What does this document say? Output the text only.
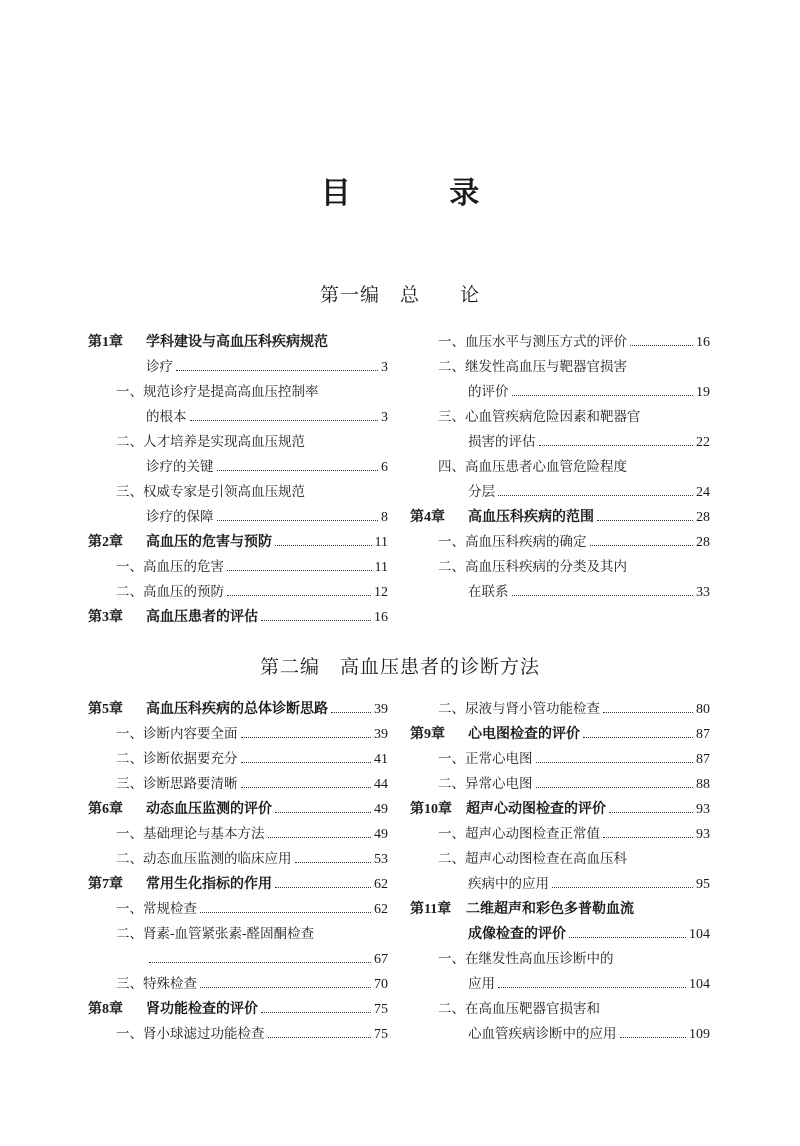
目 录
第一编　总　　论
第1章 学科建设与高血压科疾病规范
诊疗	3
一、规范诊疗是提高高血压控制率
的根本	3
二、人才培养是实现高血压规范
诊疗的关键	6
三、权威专家是引领高血压规范
诊疗的保障	8
第2章 高血压的危害与预防	11
一、高血压的危害	11
二、高血压的预防	12
第3章 高血压患者的评估	16
一、血压水平与测压方式的评价	16
二、继发性高血压与靶器官损害
的评价	19
三、心血管疾病危险因素和靶器官
损害的评估	22
四、高血压患者心血管危险程度
分层	24
第4章 高血压科疾病的范围	28
一、高血压科疾病的确定	28
二、高血压科疾病的分类及其内
在联系	33
第二编　高血压患者的诊断方法
第5章 高血压科疾病的总体诊断思路	39
一、诊断内容要全面	39
二、诊断依据要充分	41
三、诊断思路要清晰	44
第6章 动态血压监测的评价	49
一、基础理论与基本方法	49
二、动态血压监测的临床应用	53
第7章 常用生化指标的作用	62
一、常规检查	62
二、肾素-血管紧张素-醛固酮检查
67
三、特殊检查	70
第8章 肾功能检查的评价	75
一、肾小球滤过功能检查	75
二、尿液与肾小管功能检查	80
第9章 心电图检查的评价	87
一、正常心电图	87
二、异常心电图	88
第10章 超声心动图检查的评价	93
一、超声心动图检查正常值	93
二、超声心动图检查在高血压科
疾病中的应用	95
第11章 二维超声和彩色多普勒血流
成像检查的评价	104
一、在继发性高血压诊断中的
应用	104
二、在高血压靶器官损害和
心血管疾病诊断中的应用	109
